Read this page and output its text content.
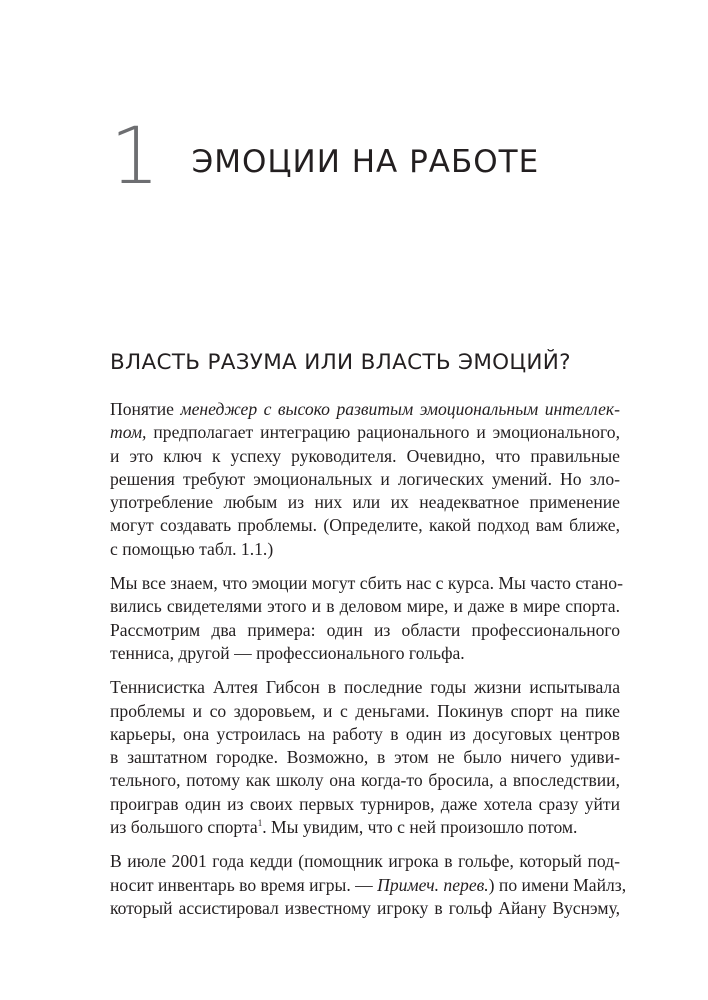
1 ЭМОЦИИ НА РАБОТЕ
ВЛАСТЬ РАЗУМА ИЛИ ВЛАСТЬ ЭМОЦИЙ?

Понятие менеджер с высоко развитым эмоциональным интеллек-
том, предполагает интеграцию рационального и эмоционального,
и это ключ к успеху руководителя. Очевидно, что правильные
решения требуют эмоциональных и логических умений. Но зло-
употребление любым из них или их неадекватное применение
могут создавать проблемы. (Определите, какой подход вам ближе,
с помощью табл. 1.1.)

Мы все знаем, что эмоции могут сбить нас с курса. Мы часто стано-
вились свидетелями этого и в деловом мире, и даже в мире спорта.
Рассмотрим два примера: один из области профессионального
тенниса, другой — профессионального гольфа.

Теннисистка Алтея Гибсон в последние годы жизни испытывала
проблемы и со здоровьем, и с деньгами. Покинув спорт на пике
карьеры, она устроилась на работу в один из досуговых центров
в заштатном городке. Возможно, в этом не было ничего удиви-
тельного, потому как школу она когда-то бросила, а впоследствии,
проиграв один из своих первых турниров, даже хотела сразу уйти
из большого спорта$^1$. Мы увидим, что с ней произошло потом.

В июле 2001 года кедди (помощник игрока в гольфе, который под-
носит инвентарь во время игры. — Примеч. перев.) по имени Майлз,
который ассистировал известному игроку в гольф Айану Вуснэму,
